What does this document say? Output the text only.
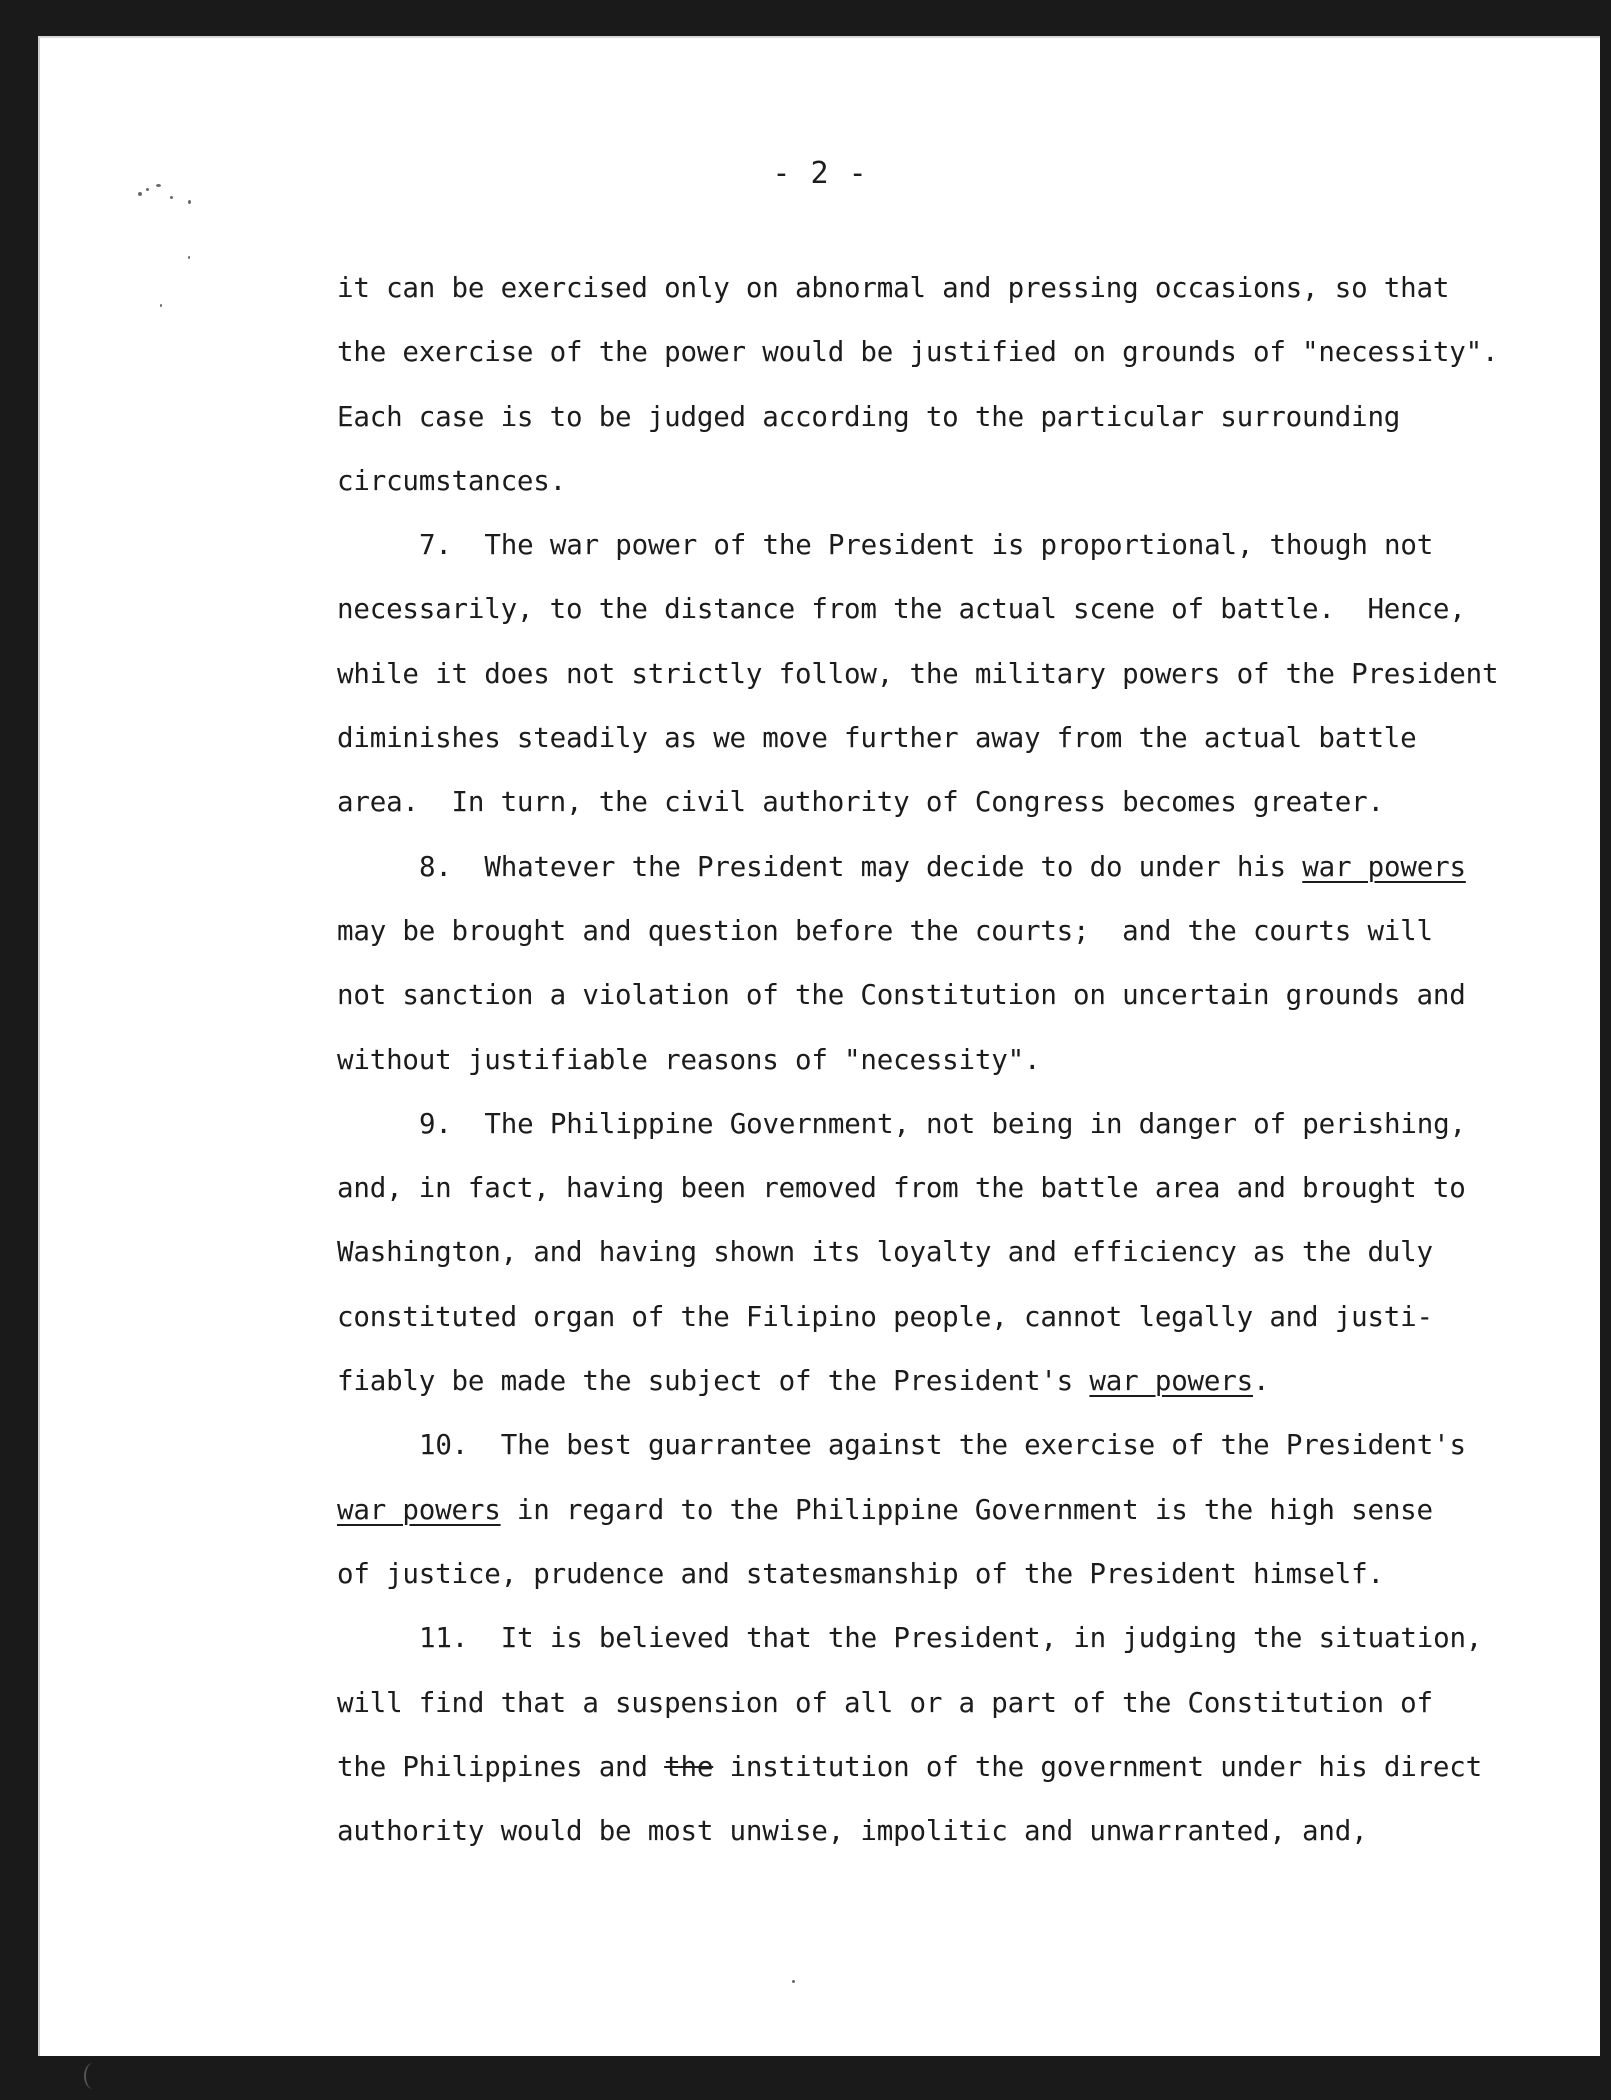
- 2 -
it can be exercised only on abnormal and pressing occasions, so that
the exercise of the power would be justified on grounds of "necessity".
Each case is to be judged according to the particular surrounding
circumstances.
7.  The war power of the President is proportional, though not
necessarily, to the distance from the actual scene of battle.  Hence,
while it does not strictly follow, the military powers of the President
diminishes steadily as we move further away from the actual battle
area.  In turn, the civil authority of Congress becomes greater.
8.  Whatever the President may decide to do under his war powers
may be brought and question before the courts;  and the courts will
not sanction a violation of the Constitution on uncertain grounds and
without justifiable reasons of "necessity".
9.  The Philippine Government, not being in danger of perishing,
and, in fact, having been removed from the battle area and brought to
Washington, and having shown its loyalty and efficiency as the duly
constituted organ of the Filipino people, cannot legally and justi-
fiably be made the subject of the President's war powers.
10.  The best guarrantee against the exercise of the President's
war powers in regard to the Philippine Government is the high sense
of justice, prudence and statesmanship of the President himself.
11.  It is believed that the President, in judging the situation,
will find that a suspension of all or a part of the Constitution of
the Philippines and the institution of the government under his direct
authority would be most unwise, impolitic and unwarranted, and,
